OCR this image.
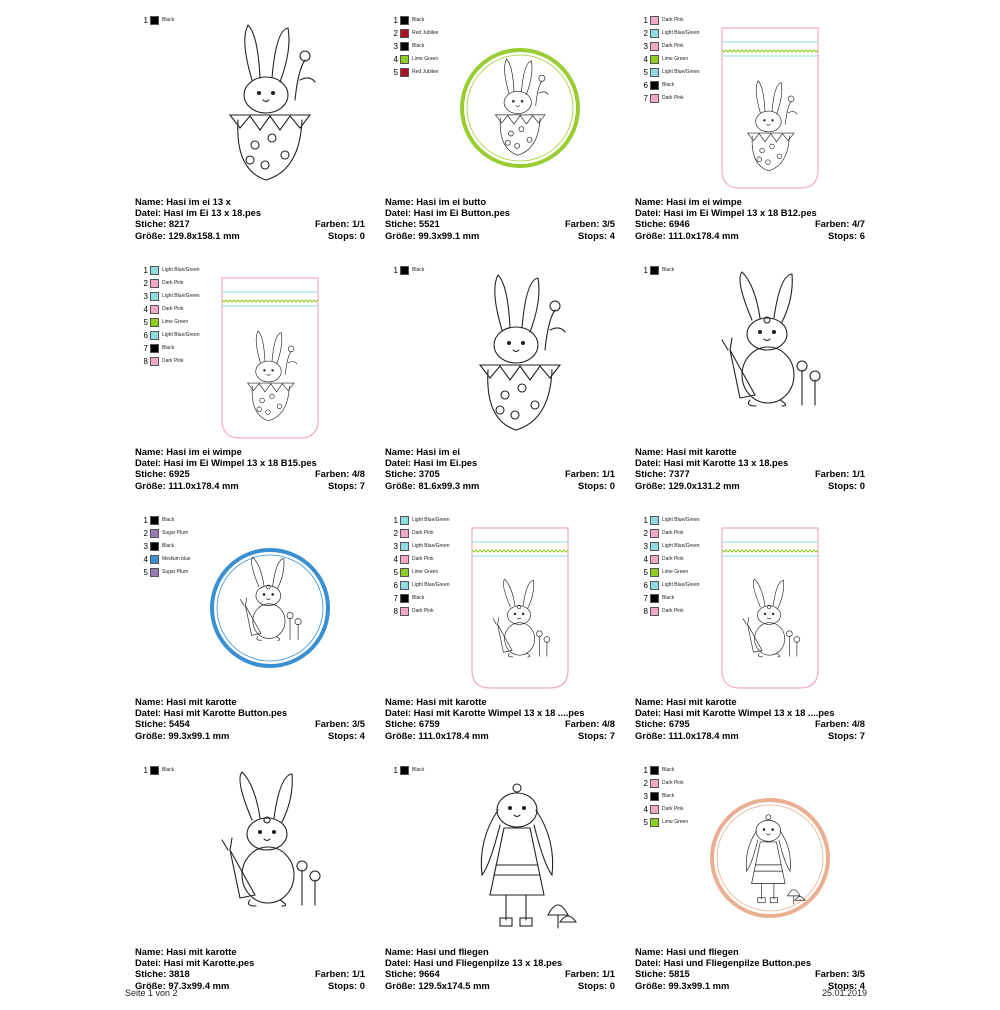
1	Black
Name: Hasi im ei 13 x
Datei: Hasi im Ei 13 x 18.pes
Stiche: 8217	Farben: 1/1
Größe: 129.8x158.1 mm	Stops: 0
1	Black
2	Red Jubilee
3	Black
4	Lime Green
5	Red Jubilee
Name: Hasi im ei butto
Datei: Hasi im Ei Button.pes
Stiche: 5521	Farben: 3/5
Größe: 99.3x99.1 mm	Stops: 4
1	Dark Pink
2	Light Blue/Green
3	Dark Pink
4	Lime Green
5	Light Blue/Green
6	Black
7	Dark Pink
Name: Hasi im ei wimpe
Datei: Hasi im Ei Wimpel 13 x 18 B12.pes
Stiche: 6946	Farben: 4/7
Größe: 111.0x178.4 mm	Stops: 6
1	Light Blue/Green
2	Dark Pink
3	Light Blue/Green
4	Dark Pink
5	Lime Green
6	Light Blue/Green
7	Black
8	Dark Pink
Name: Hasi im ei wimpe
Datei: Hasi im Ei Wimpel 13 x 18 B15.pes
Stiche: 6925	Farben: 4/8
Größe: 111.0x178.4 mm	Stops: 7
1	Black
Name: Hasi im ei
Datei: Hasi im Ei.pes
Stiche: 3705	Farben: 1/1
Größe: 81.6x99.3 mm	Stops: 0
1	Black
Name: Hasi mit karotte
Datei: Hasi mit Karotte 13 x 18.pes
Stiche: 7377	Farben: 1/1
Größe: 129.0x131.2 mm	Stops: 0
1	Black
2	Sugar Plum
3	Black
4	Medium blue
5	Sugar Plum
Name: Hasi mit karotte
Datei: Hasi mit Karotte Button.pes
Stiche: 5454	Farben: 3/5
Größe: 99.3x99.1 mm	Stops: 4
1	Light Blue/Green
2	Dark Pink
3	Light Blue/Green
4	Dark Pink
5	Lime Green
6	Light Blue/Green
7	Black
8	Dark Pink
Name: Hasi mit karotte
Datei: Hasi mit Karotte Wimpel 13 x 18 ....pes
Stiche: 6759	Farben: 4/8
Größe: 111.0x178.4 mm	Stops: 7
1	Light Blue/Green
2	Dark Pink
3	Light Blue/Green
4	Dark Pink
5	Lime Green
6	Light Blue/Green
7	Black
8	Dark Pink
Name: Hasi mit karotte
Datei: Hasi mit Karotte Wimpel 13 x 18 ....pes
Stiche: 6795	Farben: 4/8
Größe: 111.0x178.4 mm	Stops: 7
1	Black
Name: Hasi mit karotte
Datei: Hasi mit Karotte.pes
Stiche: 3818	Farben: 1/1
Größe: 97.3x99.4 mm	Stops: 0
1	Black
Name: Hasi und fliegen
Datei: Hasi und Fliegenpilze 13 x 18.pes
Stiche: 9664	Farben: 1/1
Größe: 129.5x174.5 mm	Stops: 0
1	Black
2	Dark Pink
3	Black
4	Dark Pink
5	Lime Green
Name: Hasi und fliegen
Datei: Hasi und Fliegenpilze Button.pes
Stiche: 5815	Farben: 3/5
Größe: 99.3x99.1 mm	Stops: 4
Seite 1 von 2	25.01.2019
